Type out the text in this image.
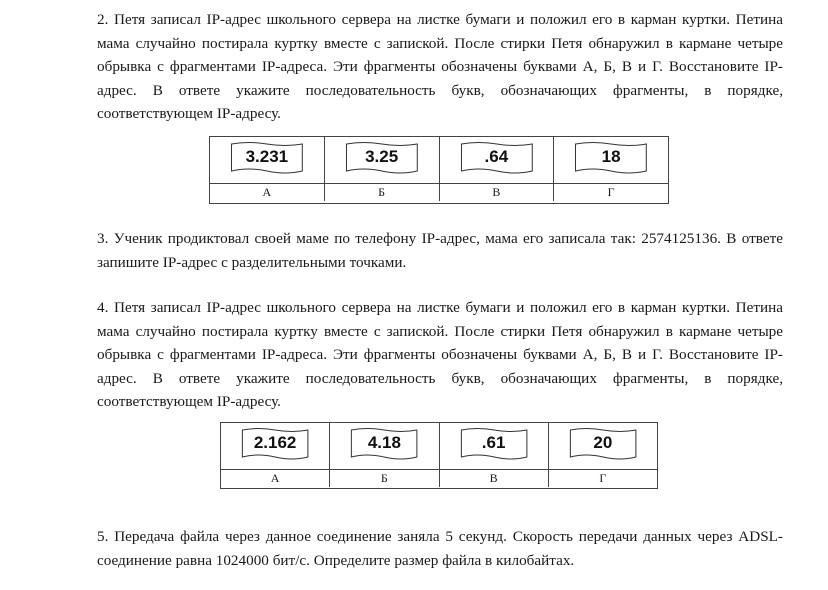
2. Петя записал IP-адрес школьного сервера на листке бумаги и положил его в карман куртки. Петина мама случайно постирала куртку вместе с запиской. После стирки Петя обнаружил в кармане четыре обрывка с фрагментами IP-адреса. Эти фрагменты обозначены буквами А, Б, В и Г. Восстановите IP-адрес. В ответе укажите последовательность букв, обозначающих фрагменты, в порядке, соответствующем IP-адресу.

3.231	3.25	.64	18
А	Б	В	Г

3. Ученик продиктовал своей маме по телефону IP-адрес, мама его записала так: 2574125136. В ответе запишите IP-адрес с разделительными точками.

4. Петя записал IP-адрес школьного сервера на листке бумаги и положил его в карман куртки. Петина мама случайно постирала куртку вместе с запиской. После стирки Петя обнаружил в кармане четыре обрывка с фрагментами IP-адреса. Эти фрагменты обозначены буквами А, Б, В и Г. Восстановите IP-адрес. В ответе укажите последовательность букв, обозначающих фрагменты, в порядке, соответствующем IP-адресу.

2.162	4.18	.61	20
А	Б	В	Г

5. Передача файла через данное соединение заняла 5 секунд. Скорость передачи данных через ADSL-соединение равна 1024000 бит/с. Определите размер файла в килобайтах.
